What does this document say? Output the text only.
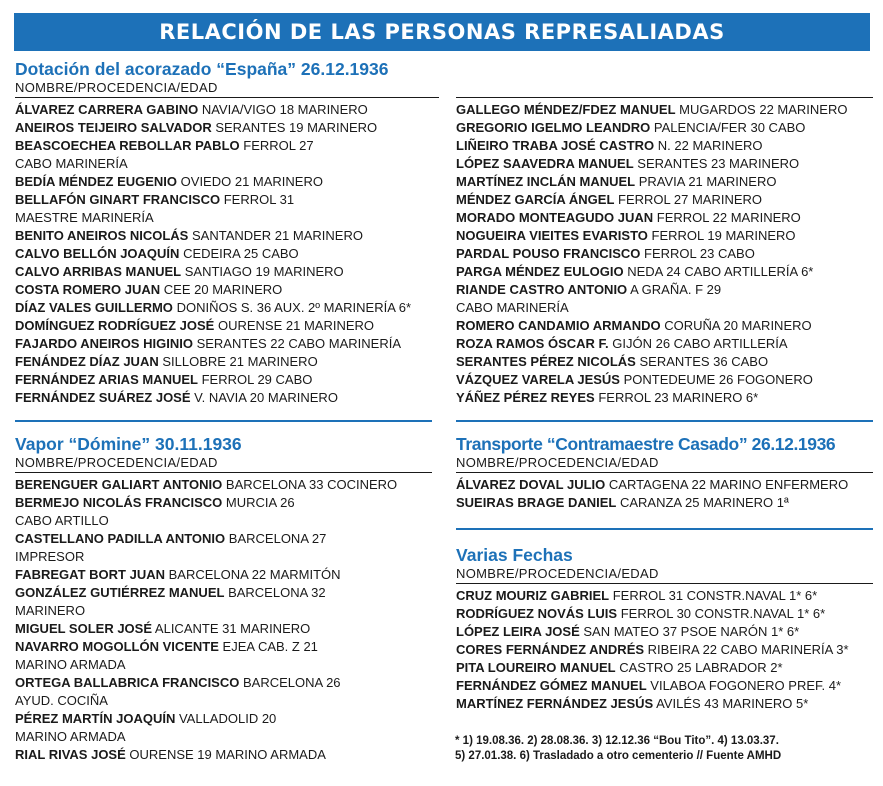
RELACIÓN DE LAS PERSONAS REPRESALIADAS
Dotación del acorazado “España” 26.12.1936
NOMBRE/PROCEDENCIA/EDAD
ÁLVAREZ CARRERA GABINO NAVIA/VIGO 18 MARINERO
ANEIROS TEIJEIRO SALVADOR SERANTES 19 MARINERO
BEASCOECHEA REBOLLAR PABLO FERROL 27
CABO MARINERÍA
BEDÍA MÉNDEZ EUGENIO OVIEDO 21 MARINERO
BELLAFÓN GINART FRANCISCO FERROL 31
MAESTRE MARINERÍA
BENITO ANEIROS NICOLÁS SANTANDER 21 MARINERO
CALVO BELLÓN JOAQUÍN CEDEIRA 25 CABO
CALVO ARRIBAS MANUEL SANTIAGO 19 MARINERO
COSTA ROMERO JUAN CEE 20 MARINERO
DÍAZ VALES GUILLERMO DONIÑOS S. 36 AUX. 2º MARINERÍA 6*
DOMÍNGUEZ RODRÍGUEZ JOSÉ OURENSE 21 MARINERO
FAJARDO ANEIROS HIGINIO SERANTES 22 CABO MARINERÍA
FENÁNDEZ DÍAZ JUAN SILLOBRE 21 MARINERO
FERNÁNDEZ ARIAS MANUEL FERROL 29 CABO
FERNÁNDEZ SUÁREZ JOSÉ V. NAVIA 20 MARINERO

GALLEGO MÉNDEZ/FDEZ MANUEL MUGARDOS 22 MARINERO
GREGORIO IGELMO LEANDRO PALENCIA/FER 30 CABO
LIÑEIRO TRABA JOSÉ CASTRO N. 22 MARINERO
LÓPEZ SAAVEDRA MANUEL SERANTES 23 MARINERO
MARTÍNEZ INCLÁN MANUEL PRAVIA 21 MARINERO
MÉNDEZ GARCÍA ÁNGEL FERROL 27 MARINERO
MORADO MONTEAGUDO JUAN FERROL 22 MARINERO
NOGUEIRA VIEITES EVARISTO FERROL 19 MARINERO
PARDAL POUSO FRANCISCO FERROL 23 CABO
PARGA MÉNDEZ EULOGIO NEDA 24 CABO ARTILLERÍA 6*
RIANDE CASTRO ANTONIO A GRAÑA. F 29
CABO MARINERÍA
ROMERO CANDAMIO ARMANDO CORUÑA 20 MARINERO
ROZA RAMOS ÓSCAR F. GIJÓN 26 CABO ARTILLERÍA
SERANTES PÉREZ NICOLÁS SERANTES 36 CABO
VÁZQUEZ VARELA JESÚS PONTEDEUME 26 FOGONERO
YÁÑEZ PÉREZ REYES FERROL 23 MARINERO 6*
Vapor “Dómine” 30.11.1936
NOMBRE/PROCEDENCIA/EDAD
BERENGUER GALIART ANTONIO BARCELONA 33 COCINERO
BERMEJO NICOLÁS FRANCISCO MURCIA 26
CABO ARTILLO
CASTELLANO PADILLA ANTONIO BARCELONA 27
IMPRESOR
FABREGAT BORT JUAN BARCELONA 22 MARMITÓN
GONZÁLEZ GUTIÉRREZ MANUEL BARCELONA 32
MARINERO
MIGUEL SOLER JOSÉ ALICANTE 31 MARINERO
NAVARRO MOGOLLÓN VICENTE EJEA CAB. Z 21
MARINO ARMADA
ORTEGA BALLABRICA FRANCISCO BARCELONA 26
AYUD. COCIÑA
PÉREZ MARTÍN JOAQUÍN VALLADOLID 20
MARINO ARMADA
RIAL RIVAS JOSÉ OURENSE 19 MARINO ARMADA
Transporte “Contramaestre Casado” 26.12.1936
NOMBRE/PROCEDENCIA/EDAD
ÁLVAREZ DOVAL JULIO CARTAGENA 22 MARINO ENFERMERO
SUEIRAS BRAGE DANIEL CARANZA 25 MARINERO 1ª
Varias Fechas
NOMBRE/PROCEDENCIA/EDAD
CRUZ MOURIZ GABRIEL FERROL 31 CONSTR.NAVAL 1* 6*
RODRÍGUEZ NOVÁS LUIS FERROL 30 CONSTR.NAVAL 1* 6*
LÓPEZ LEIRA JOSÉ SAN MATEO 37 PSOE NARÓN 1* 6*
CORES FERNÁNDEZ ANDRÉS RIBEIRA 22 CABO MARINERÍA 3*
PITA LOUREIRO MANUEL CASTRO 25 LABRADOR 2*
FERNÁNDEZ GÓMEZ MANUEL VILABOA FOGONERO PREF. 4*
MARTÍNEZ FERNÁNDEZ JESÚS AVILÉS 43 MARINERO 5*
* 1) 19.08.36. 2) 28.08.36. 3) 12.12.36 “Bou Tito”. 4) 13.03.37.
5) 27.01.38. 6) Trasladado a otro cementerio // Fuente AMHD
